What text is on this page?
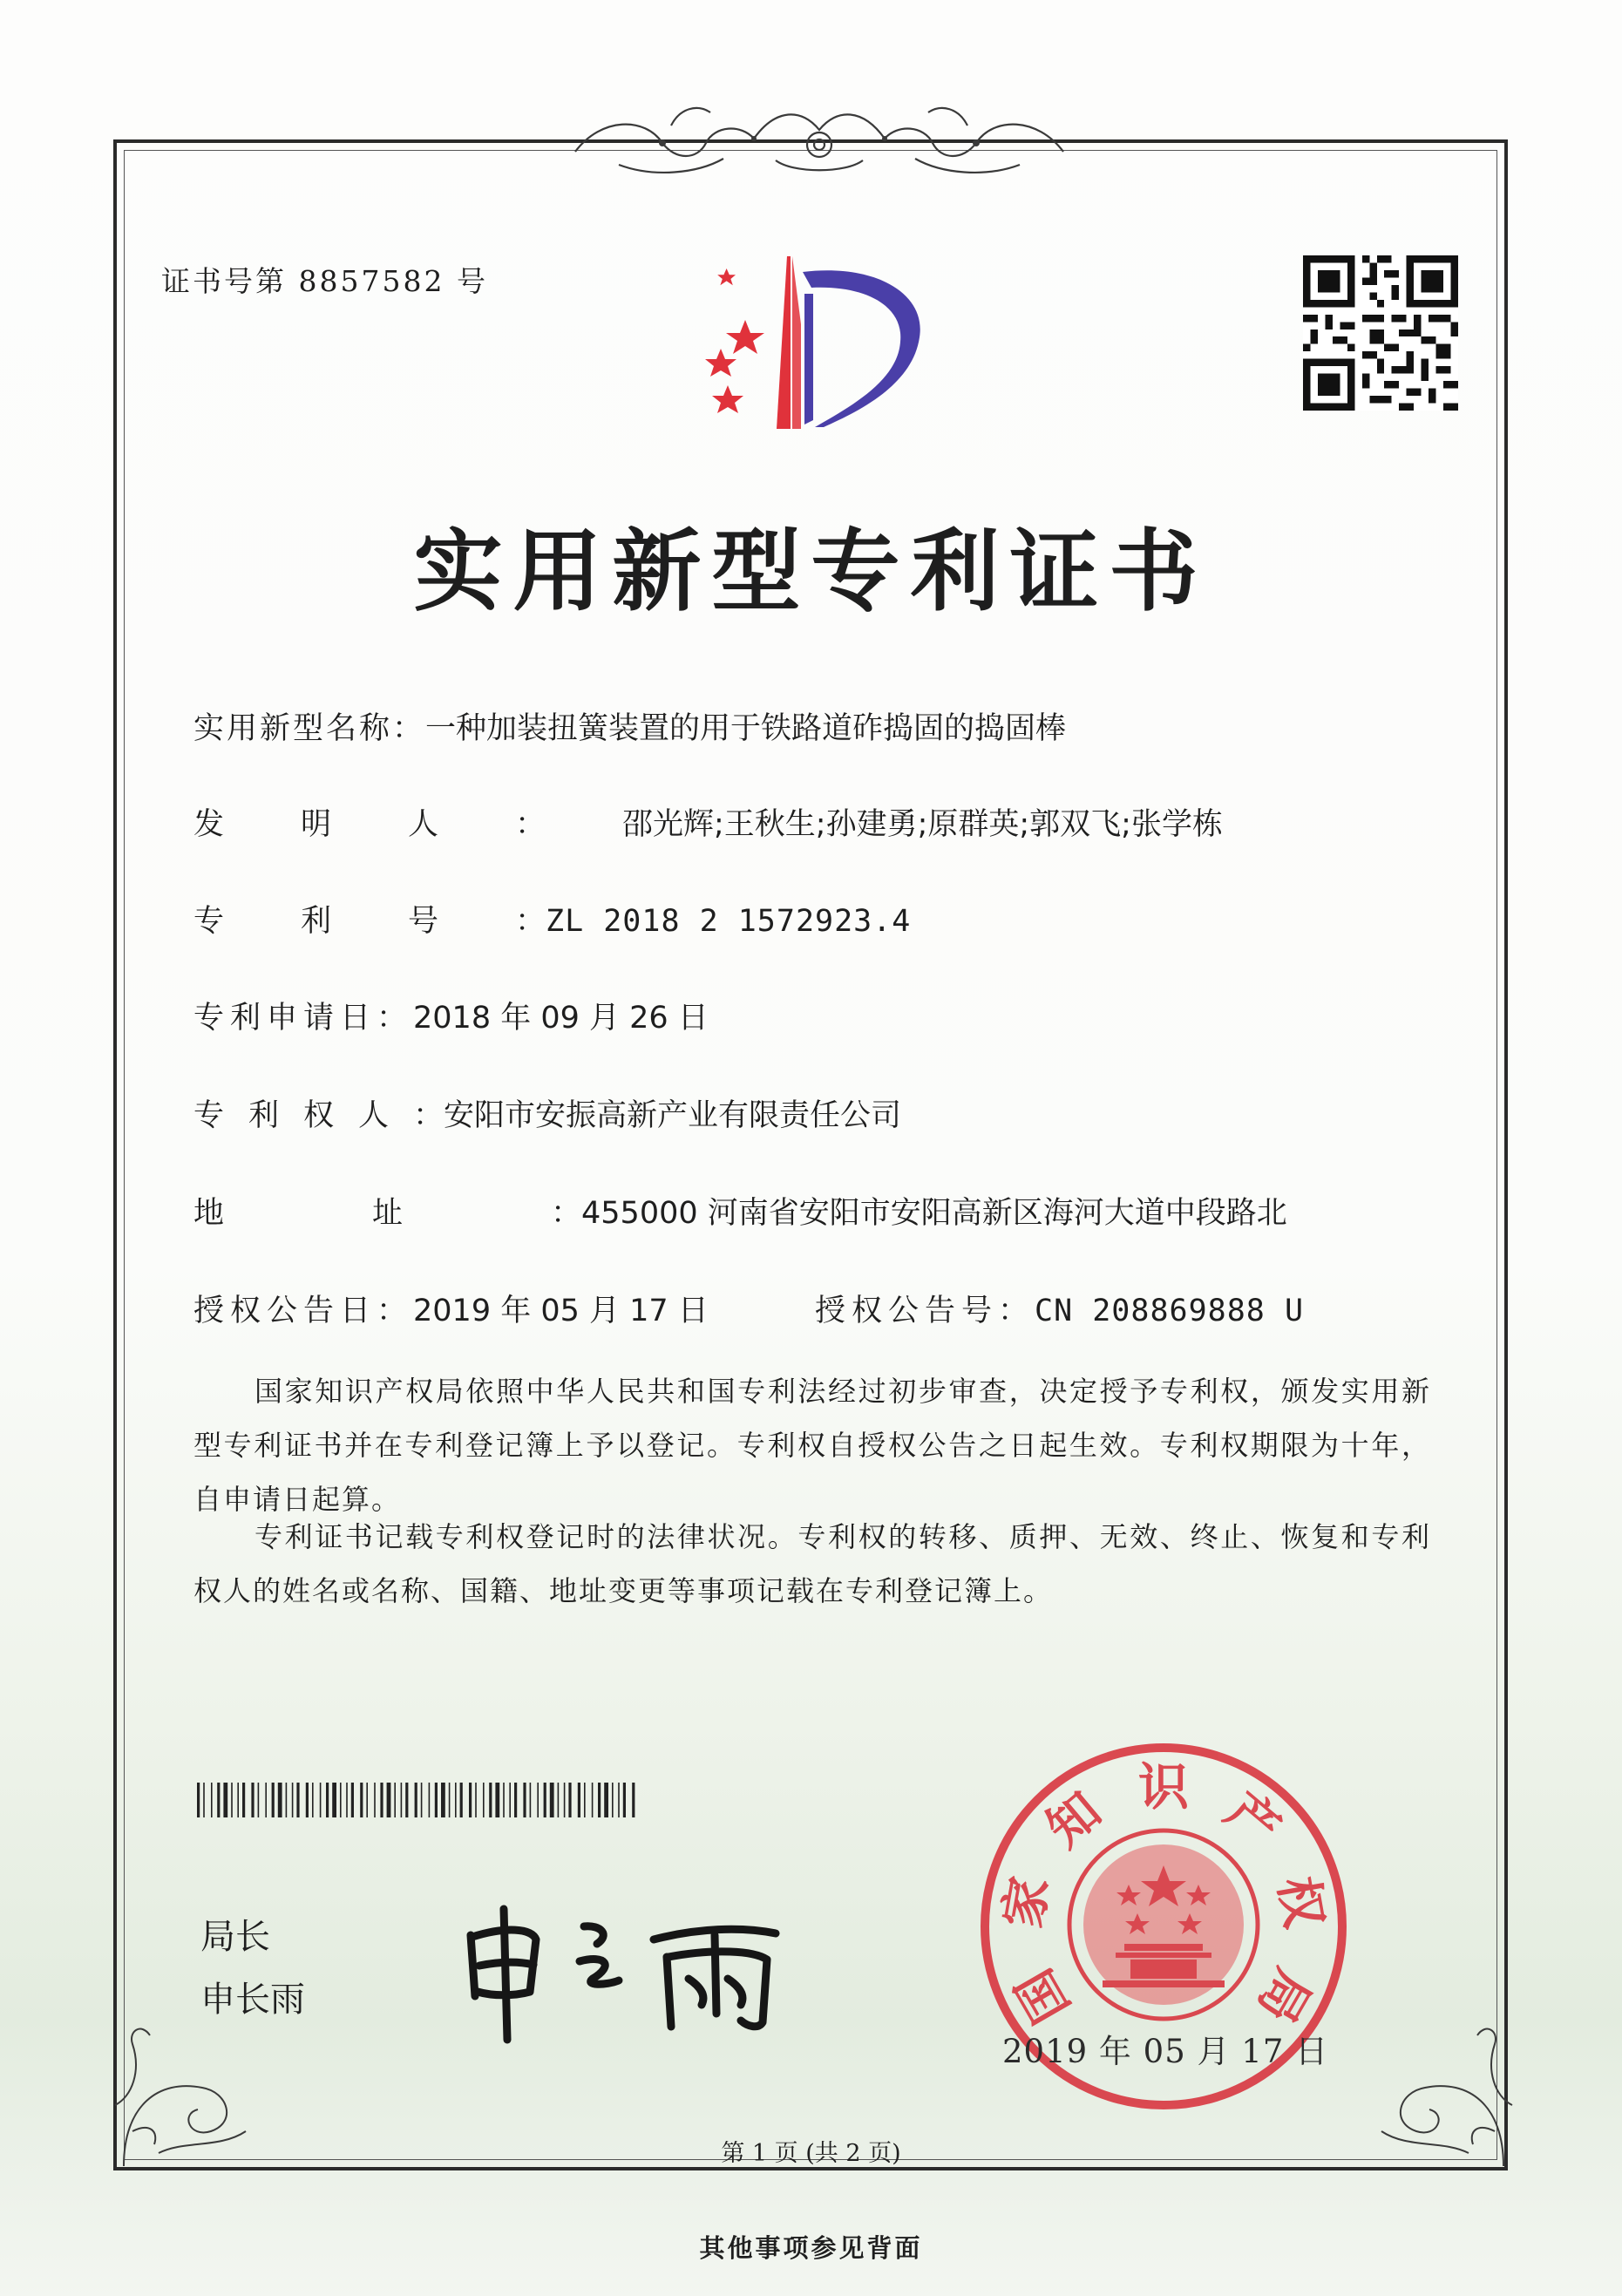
证书号第 8857582 号
实用新型专利证书
实用新型名称：一种加装扭簧装置的用于铁路道砟捣固的捣固棒
发明人：邵光辉;王秋生;孙建勇;原群英;郭双飞;张学栋
专利号：ZL 2018 2 1572923.4
专利申请日：2018 年 09 月 26 日
专利权人：安阳市安振高新产业有限责任公司
地址：455000 河南省安阳市安阳高新区海河大道中段路北
授权公告日：2019 年 05 月 17 日	授权公告号：CN 208869888 U
国家知识产权局依照中华人民共和国专利法经过初步审查，决定授予专利权，颁发实用新型专利证书并在专利登记簿上予以登记。专利权自授权公告之日起生效。专利权期限为十年，自申请日起算。
专利证书记载专利权登记时的法律状况。专利权的转移、质押、无效、终止、恢复和专利权人的姓名或名称、国籍、地址变更等事项记载在专利登记簿上。
局长
申长雨	国
家
知 识 产
权
局
2019 年 05 月 17 日
第 1 页 (共 2 页)
其他事项参见背面
